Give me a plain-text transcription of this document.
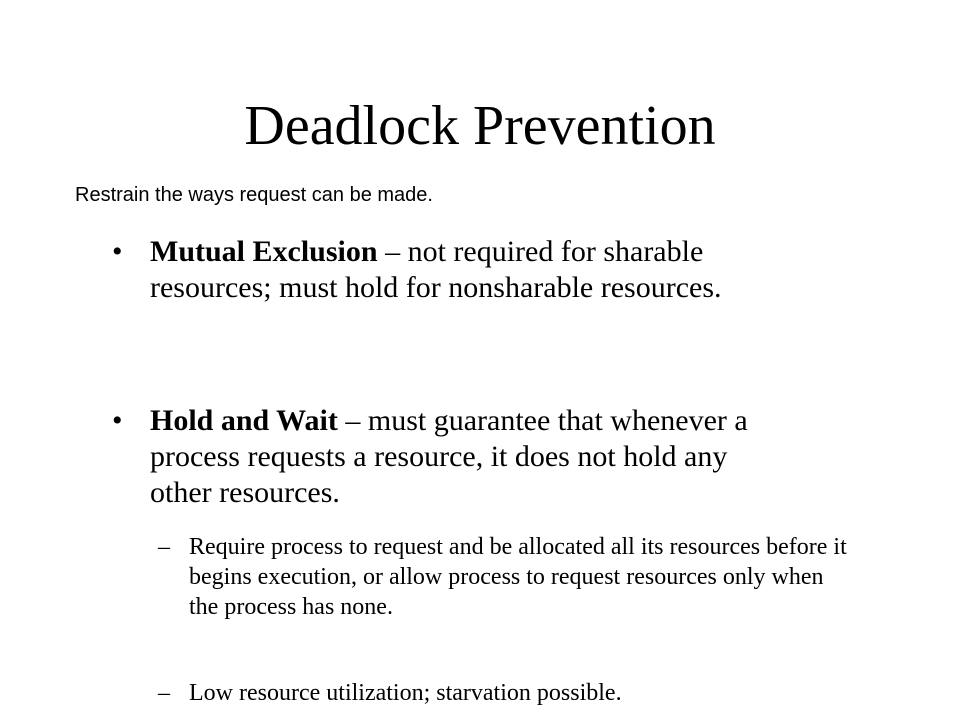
Deadlock Prevention
Restrain the ways request can be made.
• Mutual Exclusion – not required for sharable resources; must hold for nonsharable resources.
• Hold and Wait – must guarantee that whenever a process requests a resource, it does not hold any other resources.
– Require process to request and be allocated all its resources before it begins execution, or allow process to request resources only when the process has none.
– Low resource utilization; starvation possible.
